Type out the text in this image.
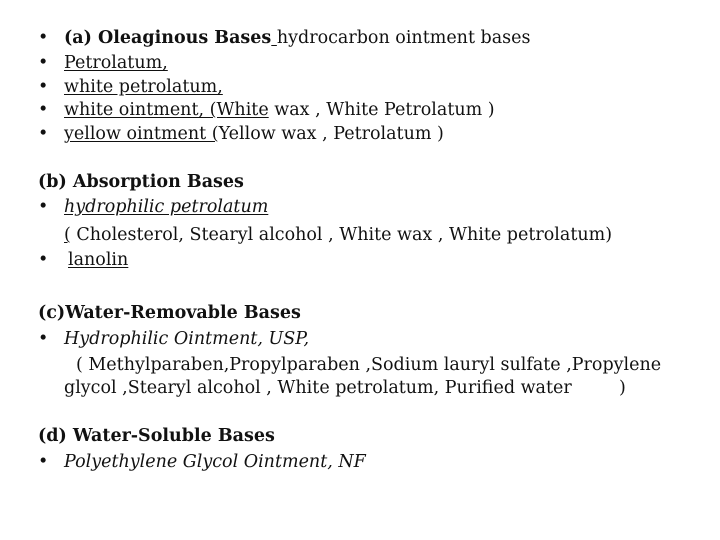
• (a) Oleaginous Bases hydrocarbon ointment bases
• Petrolatum,
• white petrolatum,
• white ointment, (White wax , White Petrolatum )
• yellow ointment (Yellow wax , Petrolatum )
(b) Absorption Bases
• hydrophilic petrolatum
( Cholesterol, Stearyl alcohol , White wax , White petrolatum)
• lanolin
(c)Water-Removable Bases
• Hydrophilic Ointment, USP,
( Methylparaben,Propylparaben ,Sodium lauryl sulfate ,Propylene
glycol ,Stearyl alcohol , White petrolatum, Purified water	)
(d) Water-Soluble Bases
• Polyethylene Glycol Ointment, NF
